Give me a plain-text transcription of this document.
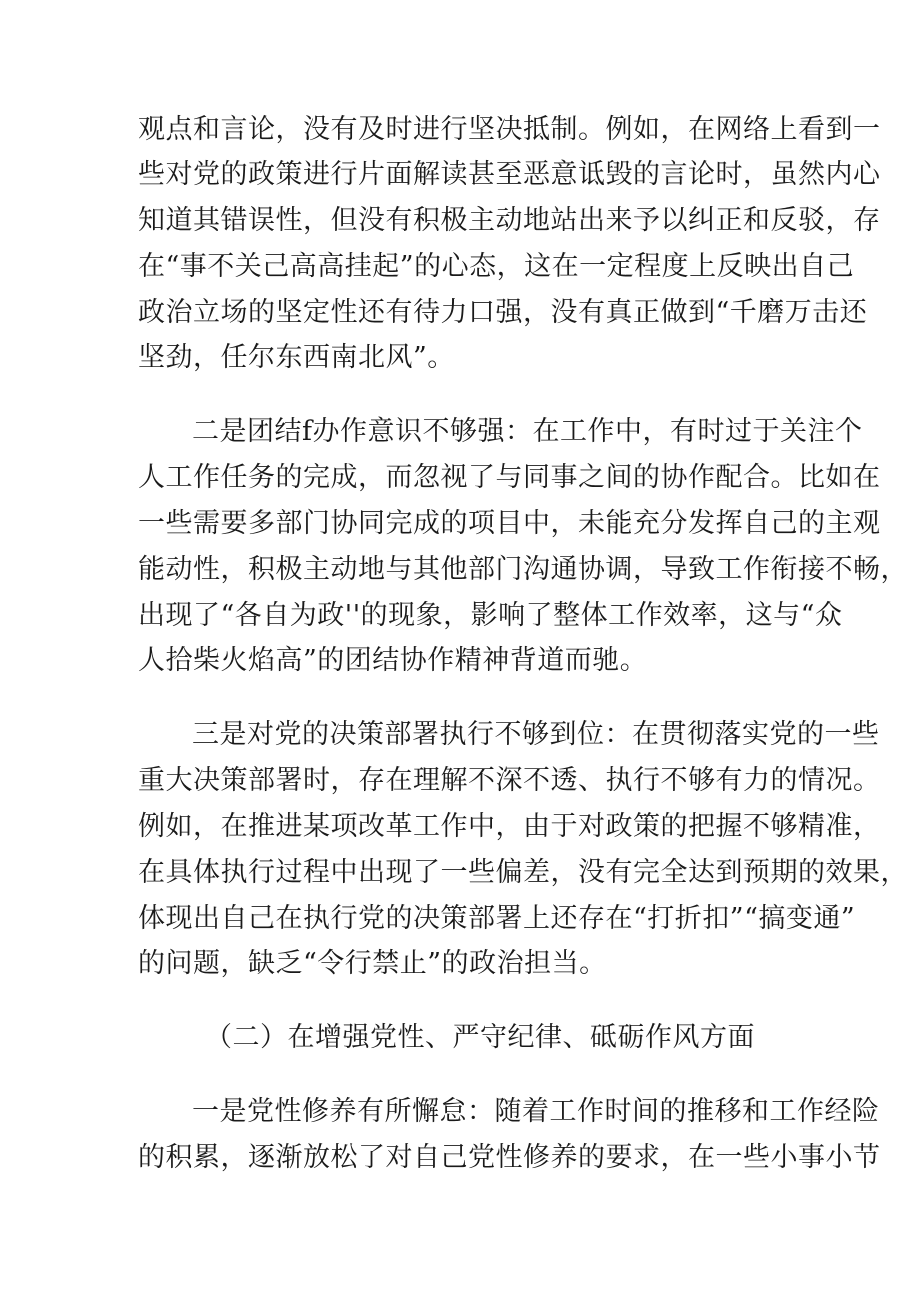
观点和言论，没有及时进行坚决抵制。例如，在网络上看到一
些对党的政策进行片面解读甚至恶意诋毁的言论时，虽然内心
知道其错误性，但没有积极主动地站出来予以纠正和反驳，存
在“事不关己高高挂起”的心态，这在一定程度上反映出自己
政治立场的坚定性还有待力口强，没有真正做到“千磨万击还
坚劲，任尔东西南北风”。
二是团结f办作意识不够强：在工作中，有时过于关注个
人工作任务的完成，而忽视了与同事之间的协作配合。比如在
一些需要多部门协同完成的项目中，未能充分发挥自己的主观
能动性，积极主动地与其他部门沟通协调，导致工作衔接不畅，
出现了“各自为政''的现象，影响了整体工作效率，这与“众
人拾柴火焰高”的团结协作精神背道而驰。
三是对党的决策部署执行不够到位：在贯彻落实党的一些
重大决策部署时，存在理解不深不透、执行不够有力的情况。
例如，在推进某项改革工作中，由于对政策的把握不够精准，
在具体执行过程中出现了一些偏差，没有完全达到预期的效果，
体现出自己在执行党的决策部署上还存在“打折扣”“搞变通”
的问题，缺乏“令行禁止”的政治担当。
（二）在增强党性、严守纪律、砥砺作风方面
一是党性修养有所懈怠：随着工作时间的推移和工作经险
的积累，逐渐放松了对自己党性修养的要求，在一些小事小节
